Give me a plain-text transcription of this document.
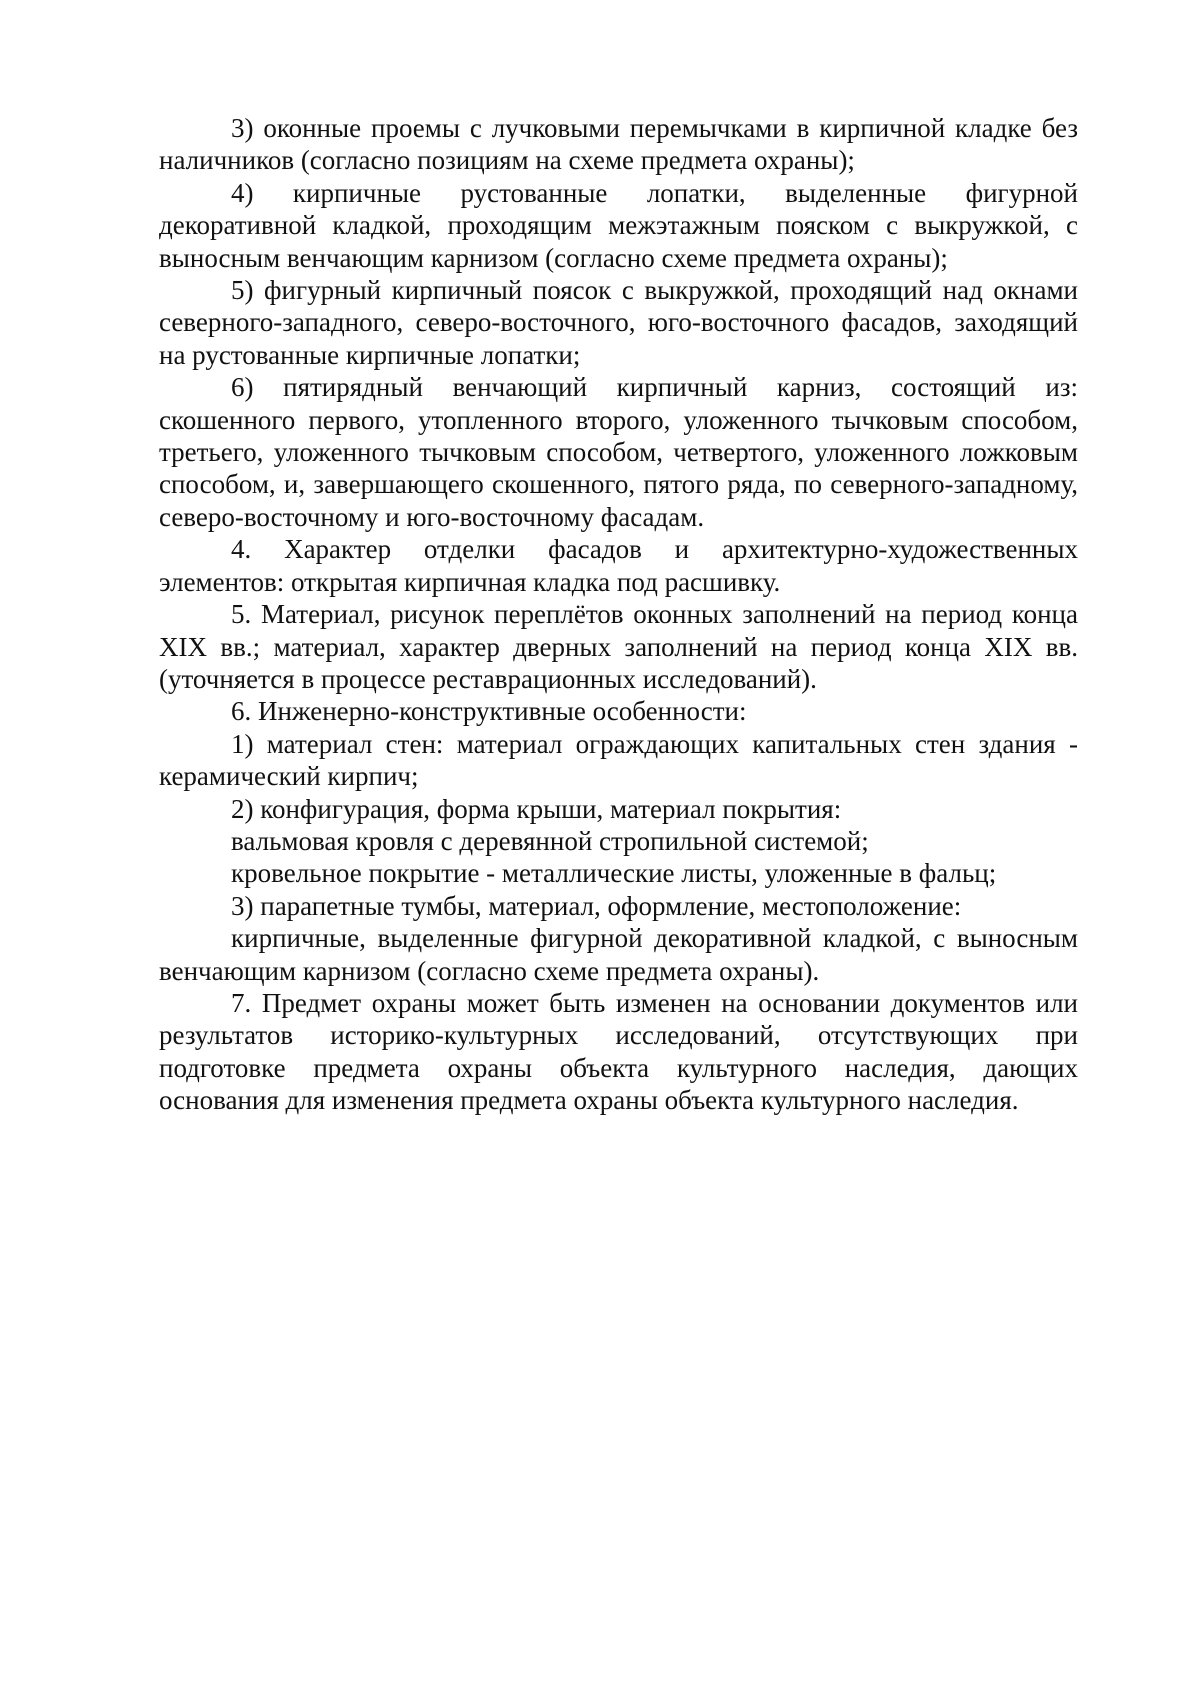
3) оконные проемы с лучковыми перемычками в кирпичной кладке без наличников (согласно позициям на схеме предмета охраны);

4) кирпичные рустованные лопатки, выделенные фигурной декоративной кладкой, проходящим межэтажным пояском с выкружкой, с выносным венчающим карнизом (согласно схеме предмета охраны);

5) фигурный кирпичный поясок с выкружкой, проходящий над окнами северного-западного, северо-восточного, юго-восточного фасадов, заходящий на рустованные кирпичные лопатки;

6) пятирядный венчающий кирпичный карниз, состоящий из: скошенного первого, утопленного второго, уложенного тычковым способом, третьего, уложенного тычковым способом, четвертого, уложенного ложковым способом, и, завершающего скошенного, пятого ряда, по северного-западному, северо-восточному и юго-восточному фасадам.

4. Характер отделки фасадов и архитектурно-художественных элементов: открытая кирпичная кладка под расшивку.

5. Материал, рисунок переплётов оконных заполнений на период конца XIX вв.; материал, характер дверных заполнений на период конца XIX вв. (уточняется в процессе реставрационных исследований).

6. Инженерно-конструктивные особенности:

1) материал стен: материал ограждающих капитальных стен здания - керамический кирпич;

2) конфигурация, форма крыши, материал покрытия:

вальмовая кровля с деревянной стропильной системой;

кровельное покрытие - металлические листы, уложенные в фальц;

3) парапетные тумбы, материал, оформление, местоположение:

кирпичные, выделенные фигурной декоративной кладкой, с выносным венчающим карнизом (согласно схеме предмета охраны).

7. Предмет охраны может быть изменен на основании документов или результатов историко-культурных исследований, отсутствующих при подготовке предмета охраны объекта культурного наследия, дающих основания для изменения предмета охраны объекта культурного наследия.
